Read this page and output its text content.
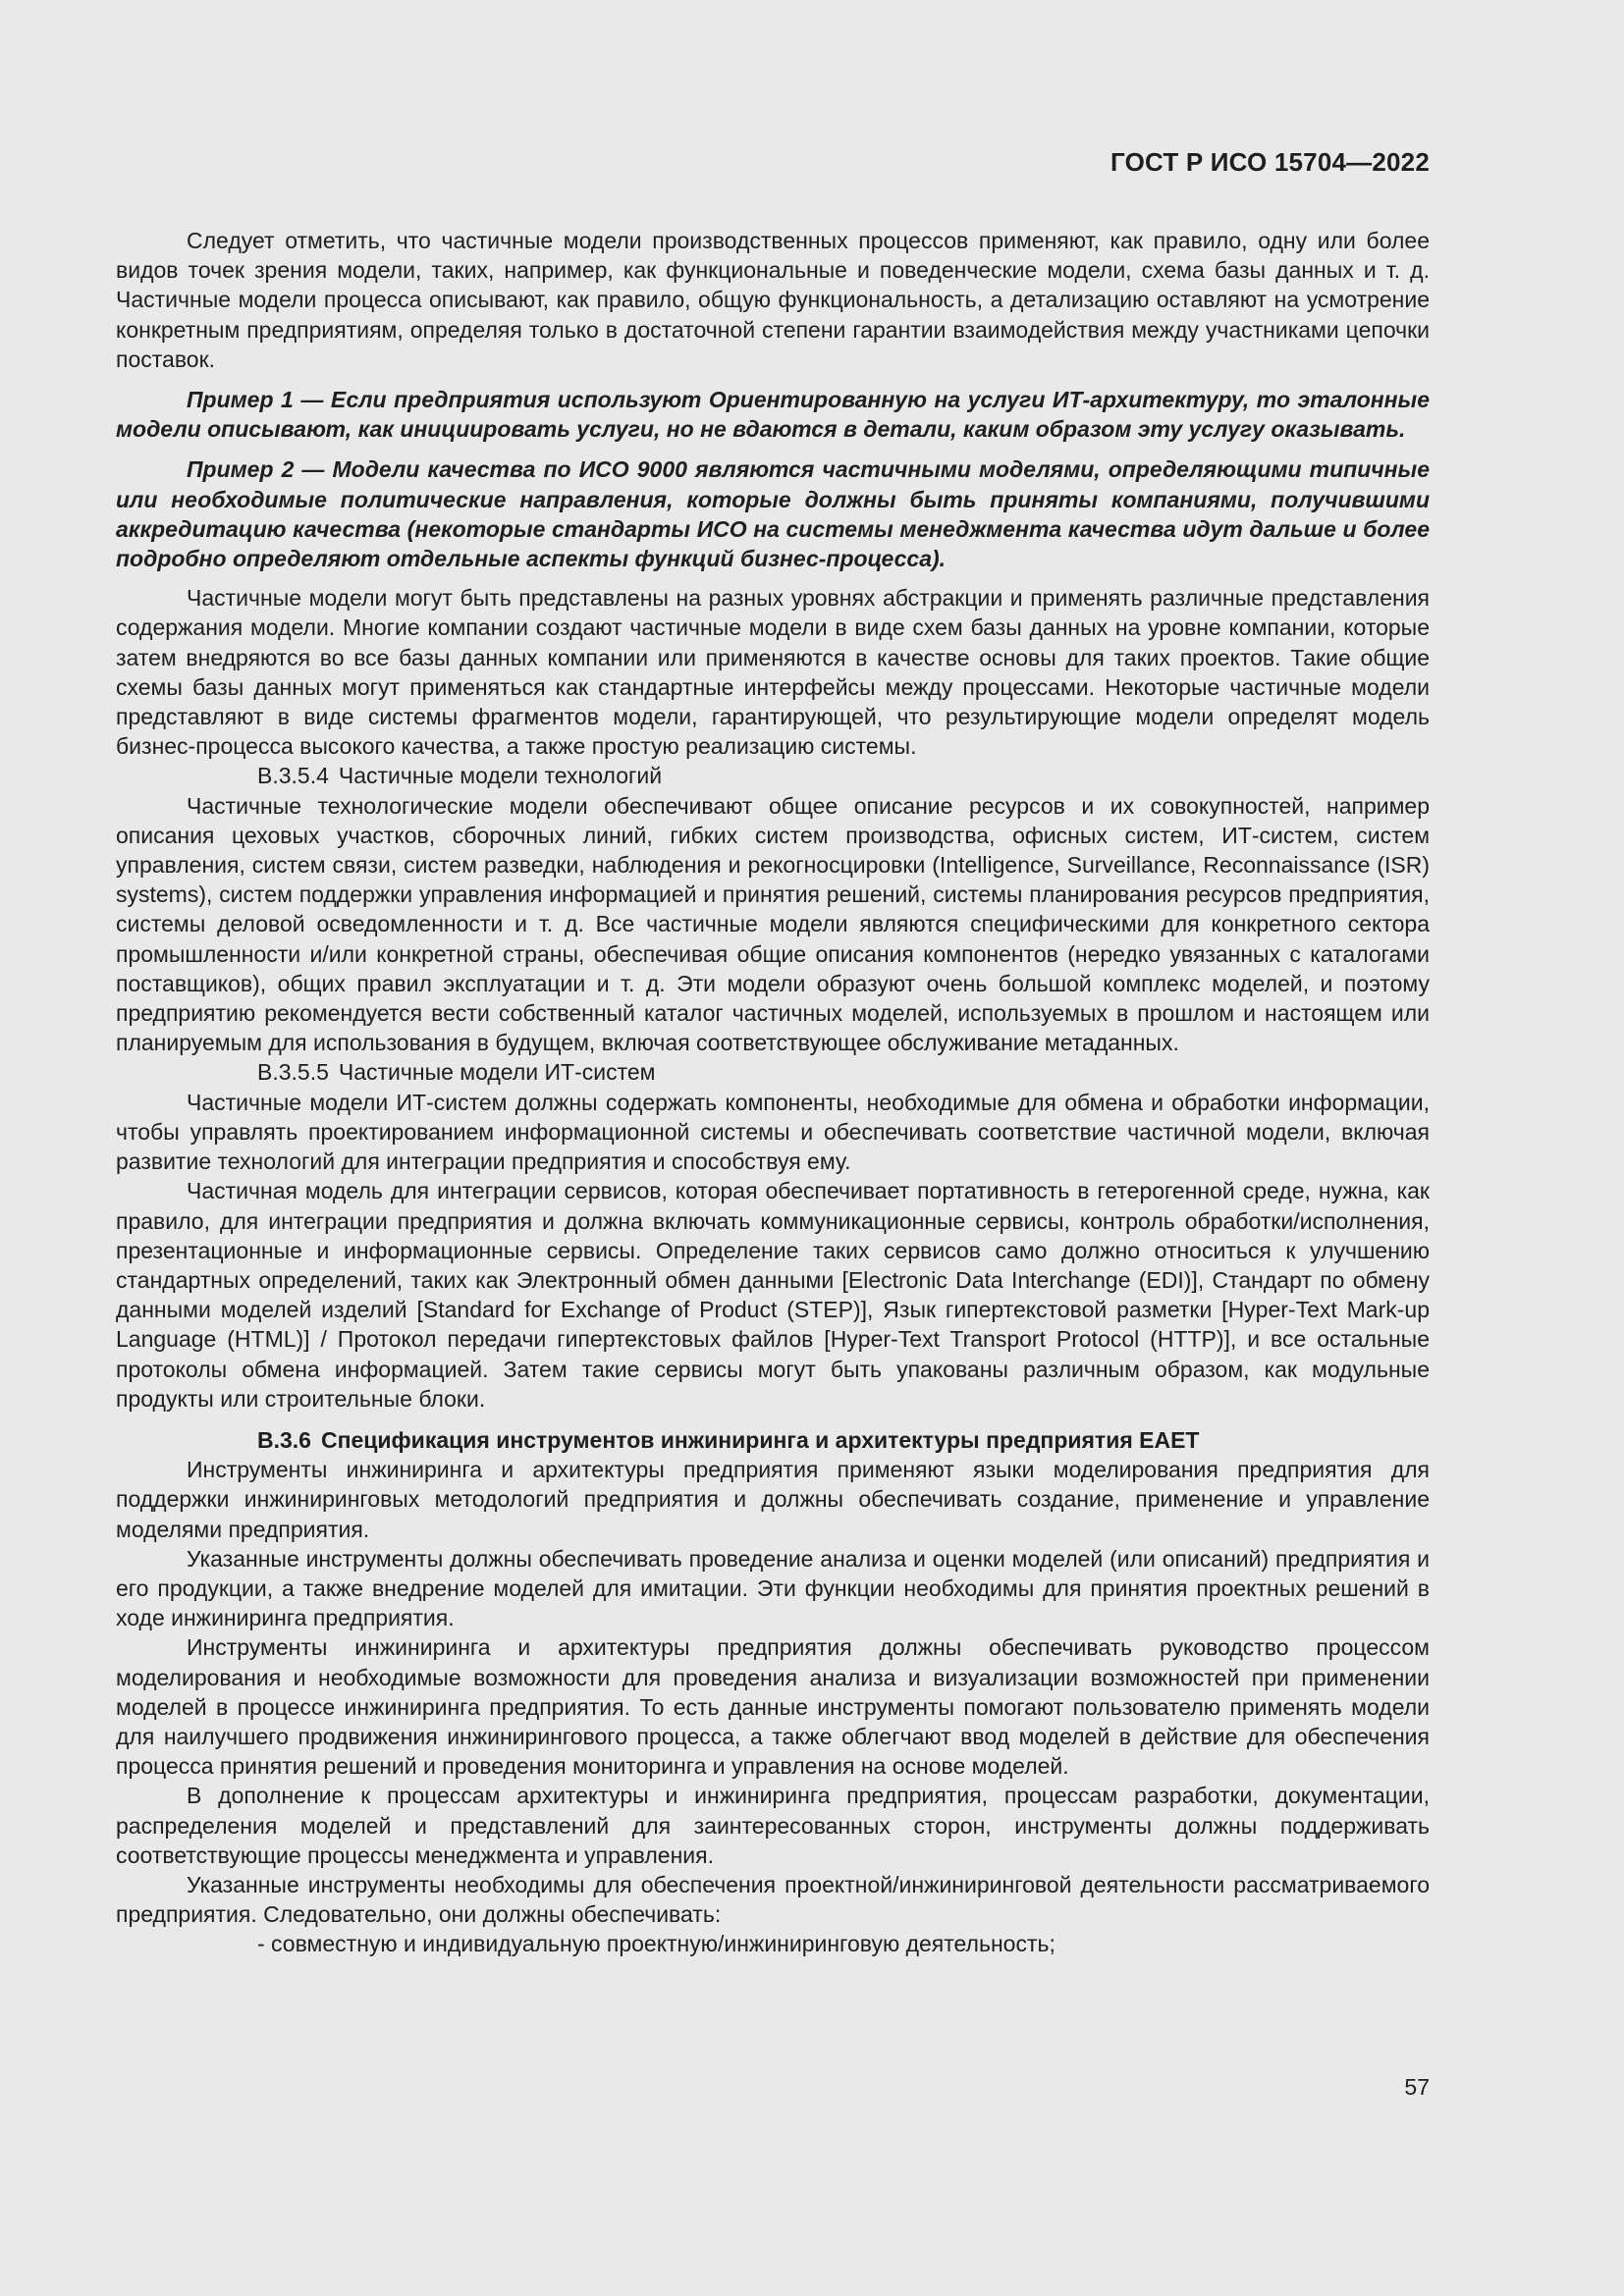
ГОСТ Р ИСО 15704—2022

Следует отметить, что частичные модели производственных процессов применяют, как правило, одну или более видов точек зрения модели, таких, например, как функциональные и поведенческие модели, схема базы данных и т. д. Частичные модели процесса описывают, как правило, общую функциональность, а детализацию оставляют на усмотрение конкретным предприятиям, определяя только в достаточной степени гарантии взаимодействия между участниками цепочки поставок.

Пример 1 — Если предприятия используют Ориентированную на услуги ИТ-архитектуру, то эталонные модели описывают, как инициировать услуги, но не вдаются в детали, каким образом эту услугу оказывать.

Пример 2 — Модели качества по ИСО 9000 являются частичными моделями, определяющими типичные или необходимые политические направления, которые должны быть приняты компаниями, получившими аккредитацию качества (некоторые стандарты ИСО на системы менеджмента качества идут дальше и более подробно определяют отдельные аспекты функций бизнес-процесса).

Частичные модели могут быть представлены на разных уровнях абстракции и применять различные представления содержания модели. Многие компании создают частичные модели в виде схем базы данных на уровне компании, которые затем внедряются во все базы данных компании или применяются в качестве основы для таких проектов. Такие общие схемы базы данных могут применяться как стандартные интерфейсы между процессами. Некоторые частичные модели представляют в виде системы фрагментов модели, гарантирующей, что результирующие модели определят модель бизнес-процесса высокого качества, а также простую реализацию системы.

В.3.5.4 Частичные модели технологий

Частичные технологические модели обеспечивают общее описание ресурсов и их совокупностей, например описания цеховых участков, сборочных линий, гибких систем производства, офисных систем, ИТ-систем, систем управления, систем связи, систем разведки, наблюдения и рекогносцировки (Intelligence, Surveillance, Reconnaissance (ISR) systems), систем поддержки управления информацией и принятия решений, системы планирования ресурсов предприятия, системы деловой осведомленности и т. д. Все частичные модели являются специфическими для конкретного сектора промышленности и/или конкретной страны, обеспечивая общие описания компонентов (нередко увязанных с каталогами поставщиков), общих правил эксплуатации и т. д. Эти модели образуют очень большой комплекс моделей, и поэтому предприятию рекомендуется вести собственный каталог частичных моделей, используемых в прошлом и настоящем или планируемым для использования в будущем, включая соответствующее обслуживание метаданных.

В.3.5.5 Частичные модели ИТ-систем

Частичные модели ИТ-систем должны содержать компоненты, необходимые для обмена и обработки информации, чтобы управлять проектированием информационной системы и обеспечивать соответствие частичной модели, включая развитие технологий для интеграции предприятия и способствуя ему.

Частичная модель для интеграции сервисов, которая обеспечивает портативность в гетерогенной среде, нужна, как правило, для интеграции предприятия и должна включать коммуникационные сервисы, контроль обработки/исполнения, презентационные и информационные сервисы. Определение таких сервисов само должно относиться к улучшению стандартных определений, таких как Электронный обмен данными [Electronic Data Interchange (EDI)], Стандарт по обмену данными моделей изделий [Standard for Exchange of Product (STEP)], Язык гипертекстовой разметки [Hyper-Text Mark-up Language (HTML)] / Протокол передачи гипертекстовых файлов [Hyper-Text Transport Protocol (HTTP)], и все остальные протоколы обмена информацией. Затем такие сервисы могут быть упакованы различным образом, как модульные продукты или строительные блоки.

В.3.6 Спецификация инструментов инжиниринга и архитектуры предприятия EAET

Инструменты инжиниринга и архитектуры предприятия применяют языки моделирования предприятия для поддержки инжиниринговых методологий предприятия и должны обеспечивать создание, применение и управление моделями предприятия.

Указанные инструменты должны обеспечивать проведение анализа и оценки моделей (или описаний) предприятия и его продукции, а также внедрение моделей для имитации. Эти функции необходимы для принятия проектных решений в ходе инжиниринга предприятия.

Инструменты инжиниринга и архитектуры предприятия должны обеспечивать руководство процессом моделирования и необходимые возможности для проведения анализа и визуализации возможностей при применении моделей в процессе инжиниринга предприятия. То есть данные инструменты помогают пользователю применять модели для наилучшего продвижения инжинирингового процесса, а также облегчают ввод моделей в действие для обеспечения процесса принятия решений и проведения мониторинга и управления на основе моделей.

В дополнение к процессам архитектуры и инжиниринга предприятия, процессам разработки, документации, распределения моделей и представлений для заинтересованных сторон, инструменты должны поддерживать соответствующие процессы менеджмента и управления.

Указанные инструменты необходимы для обеспечения проектной/инжиниринговой деятельности рассматриваемого предприятия. Следовательно, они должны обеспечивать:

- совместную и индивидуальную проектную/инжиниринговую деятельность;

57
